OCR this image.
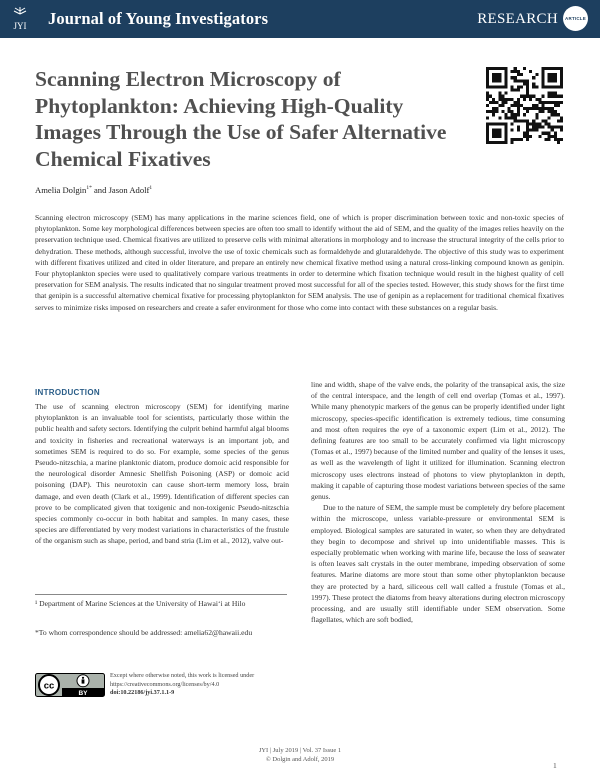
JYI Journal of Young Investigators	RESEARCH	ARTICLE
Scanning Electron Microscopy of Phytoplankton: Achieving High-Quality Images Through the Use of Safer Alternative Chemical Fixatives
Amelia Dolgin$^{1*}$ and Jason Adolf$^1$

Scanning electron microscopy (SEM) has many applications in the marine sciences field, one of which is proper discrimination between toxic and non-toxic species of phytoplankton. Some key morphological differences between species are often too small to identify without the aid of SEM, and the quality of the images relies heavily on the preservation technique used. Chemical fixatives are utilized to preserve cells with minimal alterations in morphology and to increase the structural integrity of the cells prior to dehydration. These methods, although successful, involve the use of toxic chemicals such as formaldehyde and glutaraldehyde. The objective of this study was to experiment with different fixatives utilized and cited in older literature, and prepare an entirely new chemical fixative method using a natural cross-linking compound known as genipin. Four phytoplankton species were used to qualitatively compare various treatments in order to determine which fixation technique would result in the highest quality of cell preservation for SEM analysis. The results indicated that no singular treatment proved most successful for all of the species tested. However, this study shows for the first time that genipin is a successful alternative chemical fixative for processing phytoplankton for SEM analysis. The use of genipin as a replacement for traditional chemical fixatives serves to minimize risks imposed on researchers and create a safer environment for those who come into contact with these substances on a regular basis.

INTRODUCTION

The use of scanning electron microscopy (SEM) for identifying marine phytoplankton is an invaluable tool for scientists, particularly those within the public health and safety sectors. Identifying the culprit behind harmful algal blooms and toxicity in fisheries and recreational waterways is an important job, and sometimes SEM is required to do so. For example, some species of the genus Pseudo-nitzschia, a marine planktonic diatom, produce domoic acid responsible for the neurological disorder Amnesic Shellfish Poisoning (ASP) or domoic acid poisoning (DAP). This neurotoxin can cause short-term memory loss, brain damage, and even death (Clark et al., 1999). Identification of different species can prove to be complicated given that toxigenic and non-toxigenic Pseudo-nitzschia species commonly co-occur in both habitat and samples. In many cases, these species are differentiated by very modest variations in characteristics of the frustule of the organism such as shape, period, and band stria (Lim et al., 2012), valve out-

line and width, shape of the valve ends, the polarity of the transapical axis, the size of the central interspace, and the length of cell end overlap (Tomas et al., 1997). While many phenotypic markers of the genus can be properly identified under light microscopy, species-specific identification is extremely tedious, time consuming and most often requires the eye of a taxonomic expert (Lim et al., 2012). The defining features are too small to be accurately confirmed via light microscopy (Tomas et al., 1997) because of the limited number and quality of the lenses it uses, as well as the wavelength of light it utilized for illumination. Scanning electron microscopy uses electrons instead of photons to view phytoplankton in depth, making it capable of capturing those modest variations between species of the same genus.

Due to the nature of SEM, the sample must be completely dry before placement within the microscope, unless variable-pressure or environmental SEM is employed. Biological samples are saturated in water, so when they are dehydrated they begin to decompose and shrivel up into unidentifiable masses. This is especially problematic when working with marine life, because the loss of seawater is often leaves salt crystals in the outer membrane, impeding observation of some features. Marine diatoms are more stout than some other phytoplankton because they are protected by a hard, siliceous cell wall called a frustule (Tomas et al., 1997). These protect the diatoms from heavy alterations during electron microscopy processing, and are usually still identifiable under SEM observation. Some flagellates, which are soft bodied,

¹ Department of Marine Sciences at the University of Hawai‘i at Hilo

*To whom correspondence should be addressed: amelia62@hawaii.edu

cc
BY
Except where otherwise noted, this work is licensed under
https://creativecommons.org/licenses/by/4.0
doi:10.22186/jyi.37.1.1-9
JYI | July 2019 | Vol. 37 Issue 1
© Dolgin and Adolf, 2019
1
